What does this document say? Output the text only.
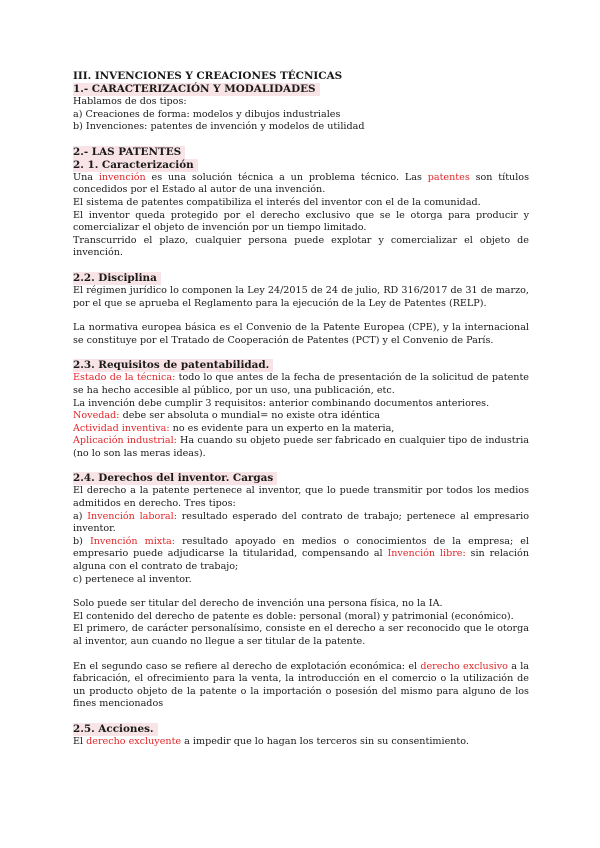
III. INVENCIONES Y CREACIONES TÉCNICAS
1.- CARACTERIZACIÓN Y MODALIDADES

Hablamos de dos tipos:

a) Creaciones de forma: modelos y dibujos industriales

b) Invenciones: patentes de invención y modelos de utilidad

2.- LAS PATENTES
2. 1. Caracterización

Una invención es una solución técnica a un problema técnico. Las patentes son títulos concedidos por el Estado al autor de una invención.

El sistema de patentes compatibiliza el interés del inventor con el de la comunidad.

El inventor queda protegido por el derecho exclusivo que se le otorga para producir y comercializar el objeto de invención por un tiempo limitado.

Transcurrido el plazo, cualquier persona puede explotar y comercializar el objeto de invención.

2.2. Disciplina

El régimen jurídico lo componen la Ley 24/2015 de 24 de julio, RD 316/2017 de 31 de marzo, por el que se aprueba el Reglamento para la ejecución de la Ley de Patentes (RELP).

La normativa europea básica es el Convenio de la Patente Europea (CPE), y la internacional se constituye por el Tratado de Cooperación de Patentes (PCT) y el Convenio de París.

2.3. Requisitos de patentabilidad.

Estado de la técnica: todo lo que antes de la fecha de presentación de la solicitud de patente se ha hecho accesible al público, por un uso, una publicación, etc.

La invención debe cumplir 3 requisitos: anterior combinando documentos anteriores.

Novedad: debe ser absoluta o mundial= no existe otra idéntica

Actividad inventiva: no es evidente para un experto en la materia,

Aplicación industrial: Ha cuando su objeto puede ser fabricado en cualquier tipo de industria (no lo son las meras ideas).

2.4. Derechos del inventor. Cargas

El derecho a la patente pertenece al inventor, que lo puede transmitir por todos los medios admitidos en derecho. Tres tipos:

a) Invención laboral: resultado esperado del contrato de trabajo; pertenece al empresario inventor.

b) Invención mixta: resultado apoyado en medios o conocimientos de la empresa; el empresario puede adjudicarse la titularidad, compensando al Invención libre: sin relación alguna con el contrato de trabajo;

c) pertenece al inventor.

Solo puede ser titular del derecho de invención una persona física, no la IA.

El contenido del derecho de patente es doble: personal (moral) y patrimonial (económico).

El primero, de carácter personalísimo, consiste en el derecho a ser reconocido que le otorga al inventor, aun cuando no llegue a ser titular de la patente.

En el segundo caso se refiere al derecho de explotación económica: el derecho exclusivo a la fabricación, el ofrecimiento para la venta, la introducción en el comercio o la utilización de un producto objeto de la patente o la importación o posesión del mismo para alguno de los fines mencionados

2.5. Acciones.

El derecho excluyente a impedir que lo hagan los terceros sin su consentimiento.
